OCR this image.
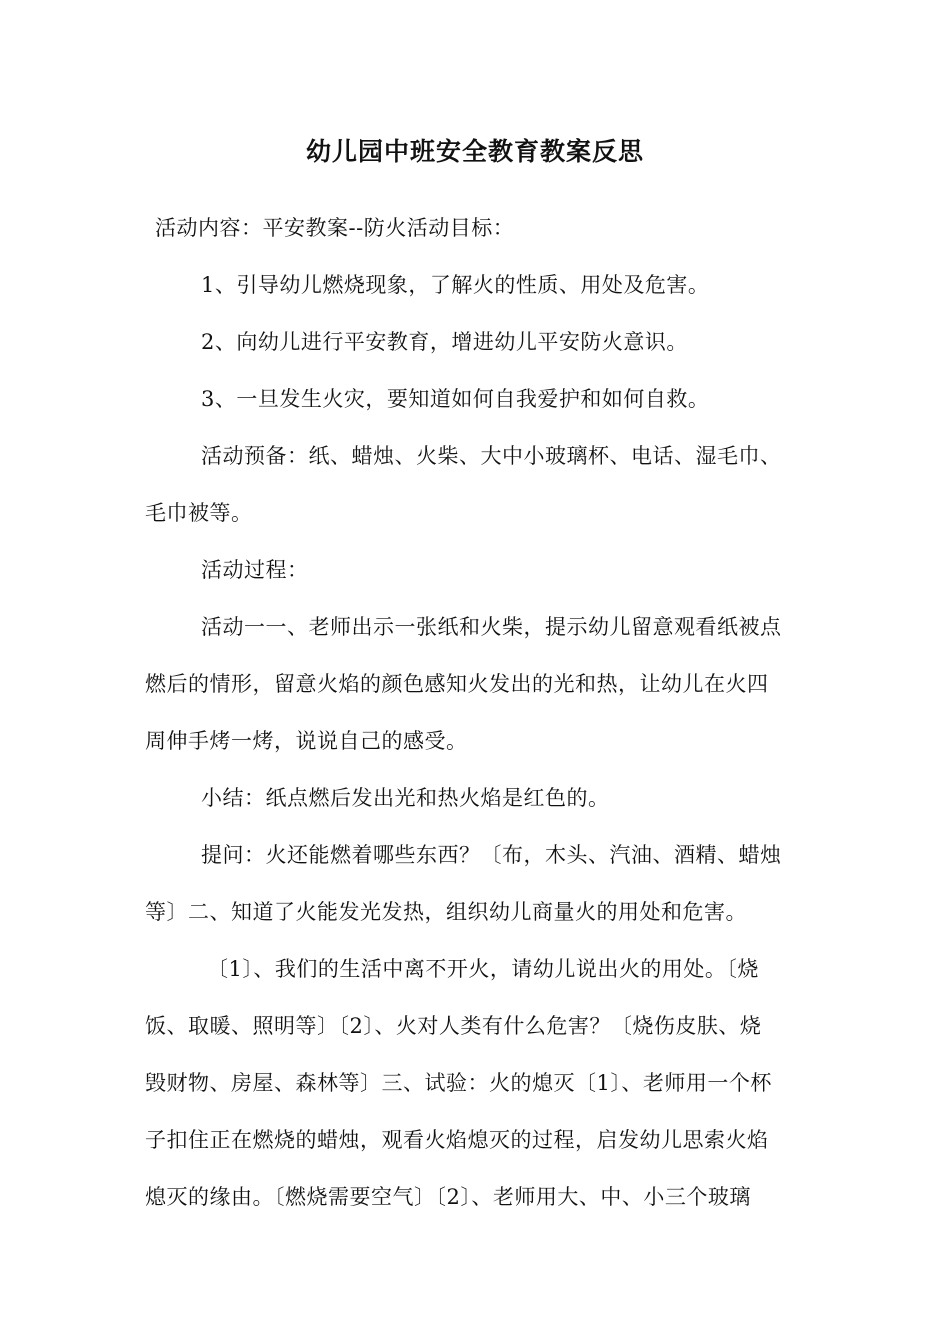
幼儿园中班安全教育教案反思
活动内容：平安教案--防火活动目标：
1、引导幼儿燃烧现象，了解火的性质、用处及危害。
2、向幼儿进行平安教育，增进幼儿平安防火意识。
3、一旦发生火灾，要知道如何自我爱护和如何自救。
活动预备：纸、蜡烛、火柴、大中小玻璃杯、电话、湿毛巾、
毛巾被等。
活动过程：
活动一一、老师出示一张纸和火柴，提示幼儿留意观看纸被点
燃后的情形，留意火焰的颜色感知火发出的光和热，让幼儿在火四
周伸手烤一烤，说说自己的感受。
小结：纸点燃后发出光和热火焰是红色的。
提问：火还能燃着哪些东西？〔布，木头、汽油、酒精、蜡烛
等〕二、知道了火能发光发热，组织幼儿商量火的用处和危害。
〔1〕、我们的生活中离不开火，请幼儿说出火的用处。〔烧
饭、取暖、照明等〕〔2〕、火对人类有什么危害？〔烧伤皮肤、烧
毁财物、房屋、森林等〕三、试验：火的熄灭〔1〕、老师用一个杯
子扣住正在燃烧的蜡烛，观看火焰熄灭的过程，启发幼儿思索火焰
熄灭的缘由。〔燃烧需要空气〕〔2〕、老师用大、中、小三个玻璃
